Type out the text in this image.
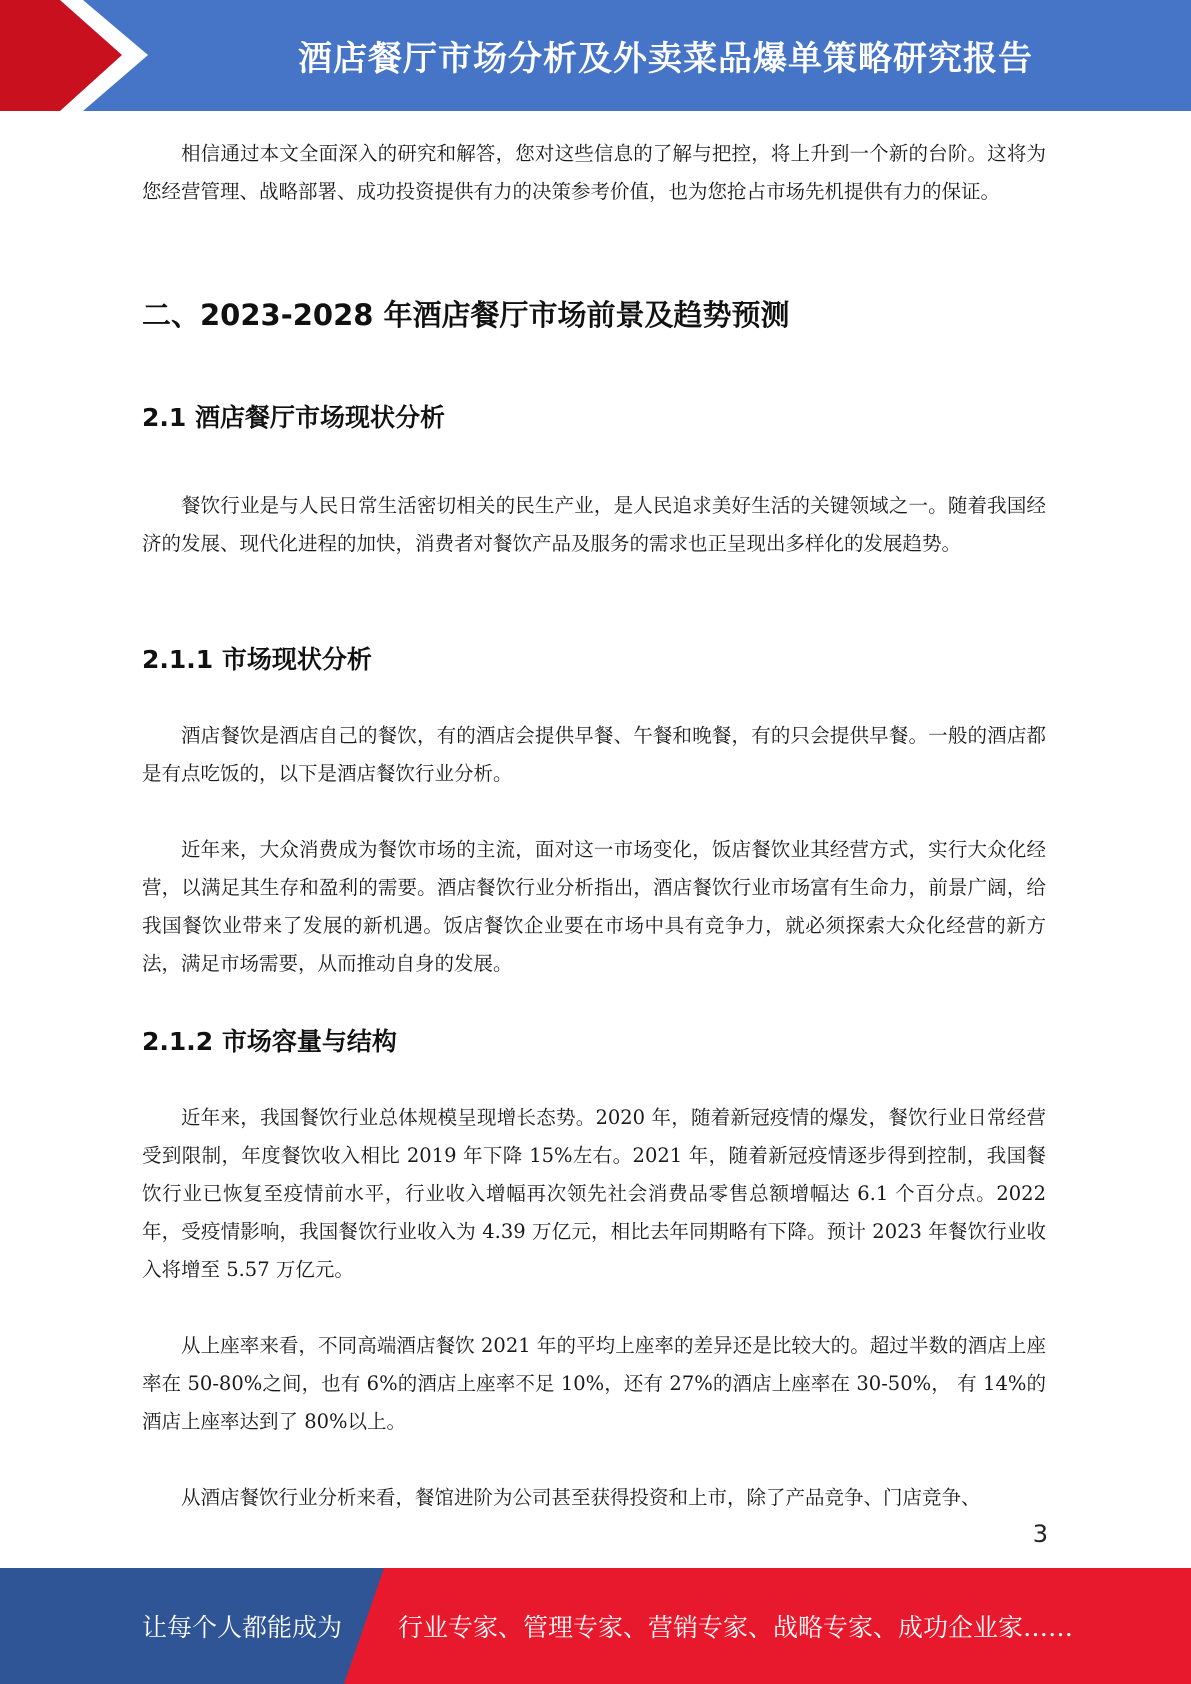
酒店餐厅市场分析及外卖菜品爆单策略研究报告
相信通过本文全面深入的研究和解答，您对这些信息的了解与把控，将上升到一个新的台阶。这将为您经营管理、战略部署、成功投资提供有力的决策参考价值，也为您抢占市场先机提供有力的保证。
二、2023-2028 年酒店餐厅市场前景及趋势预测
2.1 酒店餐厅市场现状分析
餐饮行业是与人民日常生活密切相关的民生产业，是人民追求美好生活的关键领域之一。随着我国经济的发展、现代化进程的加快，消费者对餐饮产品及服务的需求也正呈现出多样化的发展趋势。
2.1.1 市场现状分析
酒店餐饮是酒店自己的餐饮，有的酒店会提供早餐、午餐和晚餐，有的只会提供早餐。一般的酒店都是有点吃饭的，以下是酒店餐饮行业分析。
近年来，大众消费成为餐饮市场的主流，面对这一市场变化，饭店餐饮业其经营方式，实行大众化经营，以满足其生存和盈利的需要。酒店餐饮行业分析指出，酒店餐饮行业市场富有生命力，前景广阔，给我国餐饮业带来了发展的新机遇。饭店餐饮企业要在市场中具有竞争力，就必须探索大众化经营的新方法，满足市场需要，从而推动自身的发展。
2.1.2 市场容量与结构
近年来，我国餐饮行业总体规模呈现增长态势。2020 年，随着新冠疫情的爆发，餐饮行业日常经营受到限制，年度餐饮收入相比 2019 年下降 15%左右。2021 年，随着新冠疫情逐步得到控制，我国餐饮行业已恢复至疫情前水平，行业收入增幅再次领先社会消费品零售总额增幅达 6.1 个百分点。2022 年，受疫情影响，我国餐饮行业收入为 4.39 万亿元，相比去年同期略有下降。预计 2023 年餐饮行业收入将增至 5.57 万亿元。
从上座率来看，不同高端酒店餐饮 2021 年的平均上座率的差异还是比较大的。超过半数的酒店上座率在 50-80%之间，也有 6%的酒店上座率不足 10%，还有 27%的酒店上座率在 30-50%， 有 14%的酒店上座率达到了 80%以上。
从酒店餐饮行业分析来看，餐馆进阶为公司甚至获得投资和上市，除了产品竞争、门店竞争、
3
让每个人都能成为 行业专家、管理专家、营销专家、战略专家、成功企业家……
